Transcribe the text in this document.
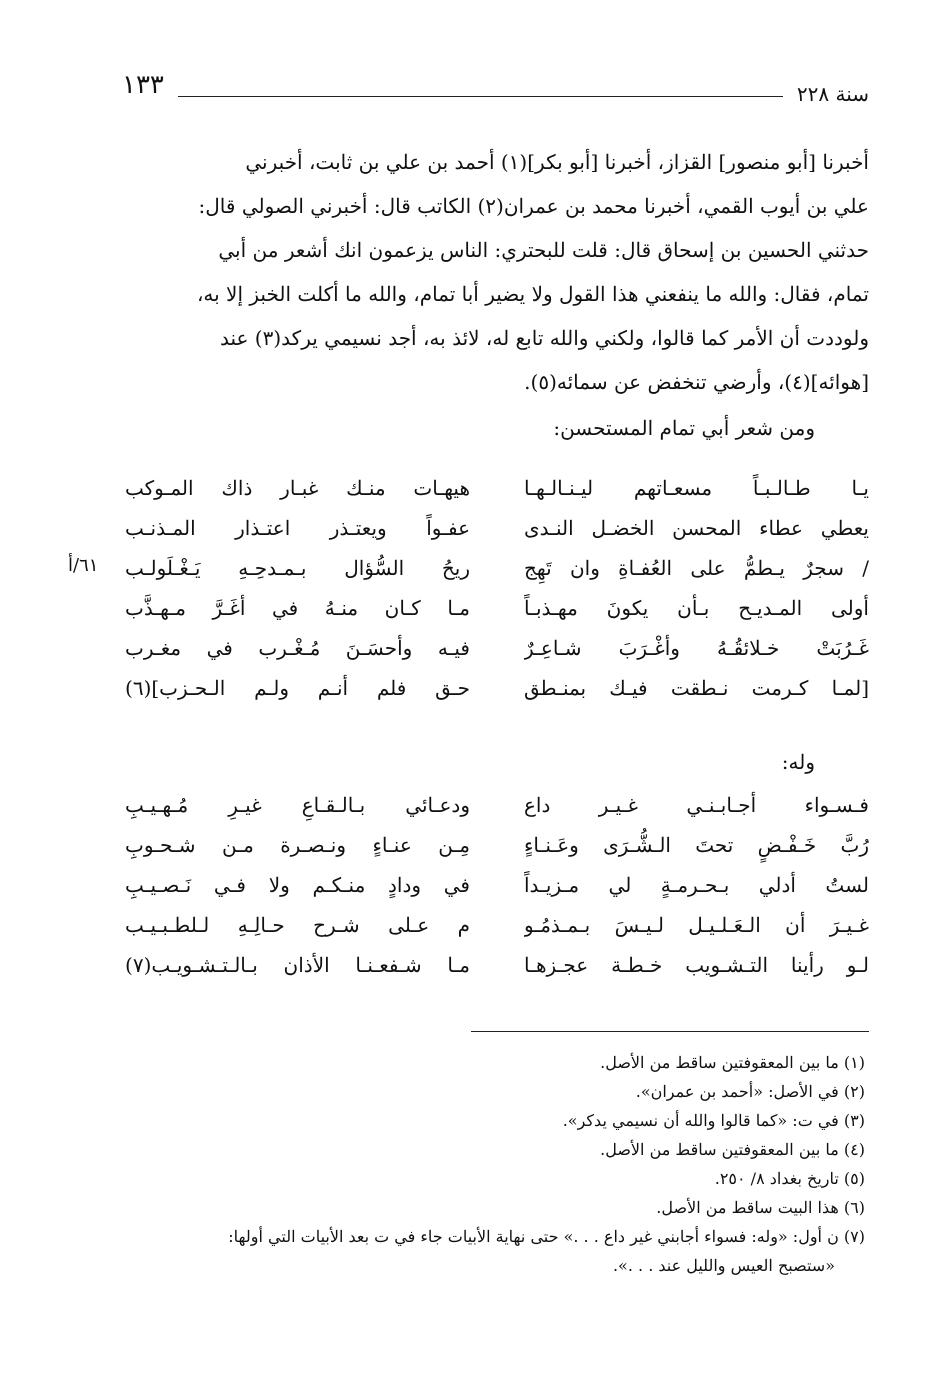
١٣٣	سنة ٢٢٨

أخبرنا [أبو منصور] القزاز، أخبرنا [أبو بكر](١) أحمد بن علي بن ثابت، أخبرني

علي بن أيوب القمي، أخبرنا محمد بن عمران(٢) الكاتب قال: أخبرني الصولي قال:

حدثني الحسين بن إسحاق قال: قلت للبحتري: الناس يزعمون انك أشعر من أبي

تمام، فقال: والله ما ينفعني هذا القول ولا يضير أبا تمام، والله ما أكلت الخبز إلا به،

ولوددت أن الأمر كما قالوا، ولكني والله تابع له، لائذ به، أجد نسيمي يركد(٣) عند

[هوائه](٤)، وأرضي تنخفض عن سمائه(٥).

ومن شعر أبي تمام المستحسن:
يـا طـالـبـاً مسعـاتهم ليـنـالـهـا
يعطي عطاء المحسن الخضـل النـدى
/ سجرٌ يـطمُّ على العُفـاةِ وان تَهِج
أولى المـديـح بـأن يكونَ مهـذبـاً
غَـرُبَتْ خـلائقُـهُ وأغْـرَبَ شـاعِـرٌ
[لمـا كـرمت نـطقت فيـك بمنـطق
هيهـات منـك غبـار ذاك المـوكب
عفـواً ويعتـذر اعتـذار المـذنـب
ريحُ السُّؤال بـمـدحِـهِ يَـغْـلَولـب
مـا كـان منـهُ في أغَـرَّ مـهـذَّب
فيـه وأحسَـنَ مُـغْـرب في مغـرب
حـق فلم أنـم ولـم الـحـزب](٦)
٦١/أ
وله:
فـسـواء أجـابـنـي غـيـر داع
رُبَّ خَـفْـضٍ تحتَ الـشُّـرَى وعَـنـاءٍ
لستُ أدلي بـحـرمـةٍ لي مـزيـداً
غـيـرَ أن الـعَـلـيـل لـيـسَ بـمـذمُـو
لـو رأينا التـشـويب خـطـة عجـزهـا
ودعـائي بـالـقـاعِ غيـرِ مُـهـيـبِ
مِـن عنـاءٍ ونـصـرة مـن شـحـوبِ
في ودادٍ منـكـم ولا فـي نَـصـيـبِ
م عـلى شـرح حـالِـهِ لـلطـبـيـب
مـا شـفعـنـا الأذان بـالـتـشـويـب(٧)
(١) ما بين المعقوفتين ساقط من الأصل.
(٢) في الأصل: «أحمد بن عمران».
(٣) في ت: «كما قالوا والله أن نسيمي يدكر».
(٤) ما بين المعقوفتين ساقط من الأصل.
(٥) تاريخ بغداد ٨/ ٢٥٠.
(٦) هذا البيت ساقط من الأصل.
(٧) ن أول: «وله: فسواء أجابني غير داع . . .» حتى نهاية الأبيات جاء في ت بعد الأبيات التي أولها:
«ستصبح العيس والليل عند . . .».
